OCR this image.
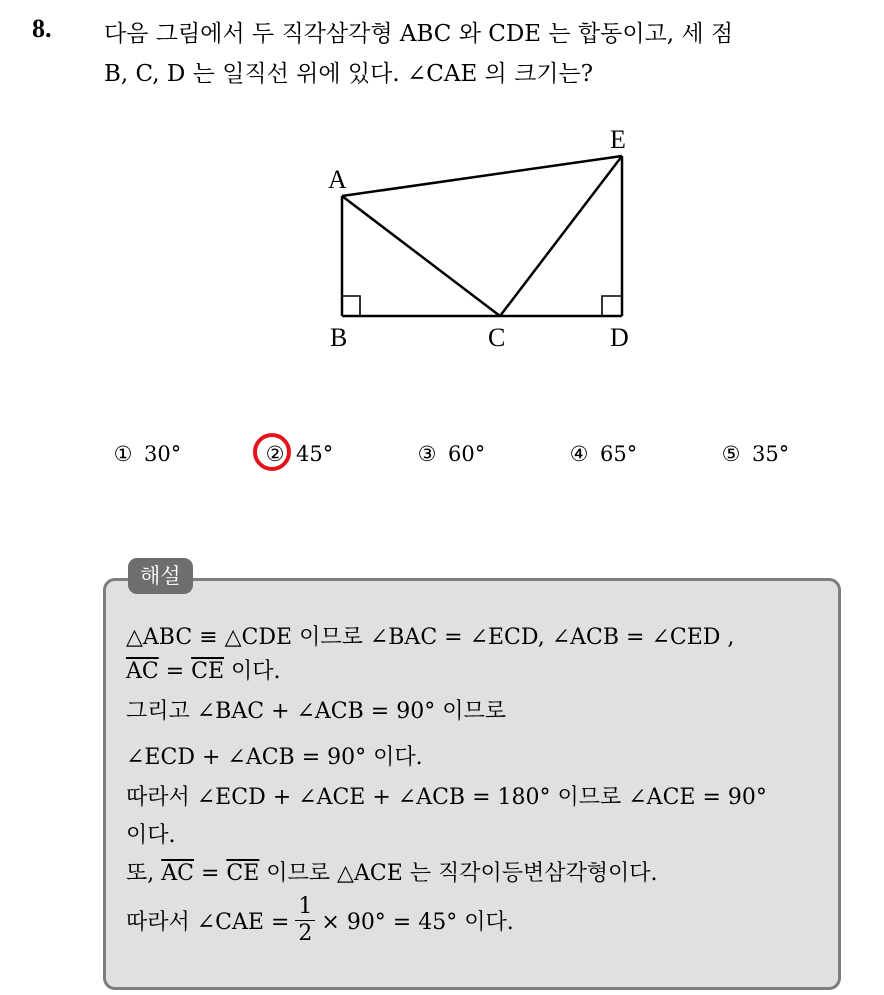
8. 다음 그림에서 두 직각삼각형 ABC 와 CDE 는 합동이고, 세 점
B, C, D 는 일직선 위에 있다. ∠CAE 의 크기는?
A
B	C	D
E
① 30°	② 45°	③ 60°	④ 65°	⑤ 35°
해설
△ABC ≡ △CDE 이므로 ∠BAC = ∠ECD, ∠ACB = ∠CED ,
$\overline{AC} = \overline{CE}$ 이다.
그리고 ∠BAC + ∠ACB = 90° 이므로
∠ECD + ∠ACB = 90° 이다.
따라서 ∠ECD + ∠ACE + ∠ACB = 180° 이므로 ∠ACE = 90°
이다.
또, $\overline{AC} = \overline{CE}$ 이므로 △ACE 는 직각이등변삼각형이다.
따라서 ∠CAE = $\frac{1}{2} \times 90^\circ = 45^\circ$ 이다.
